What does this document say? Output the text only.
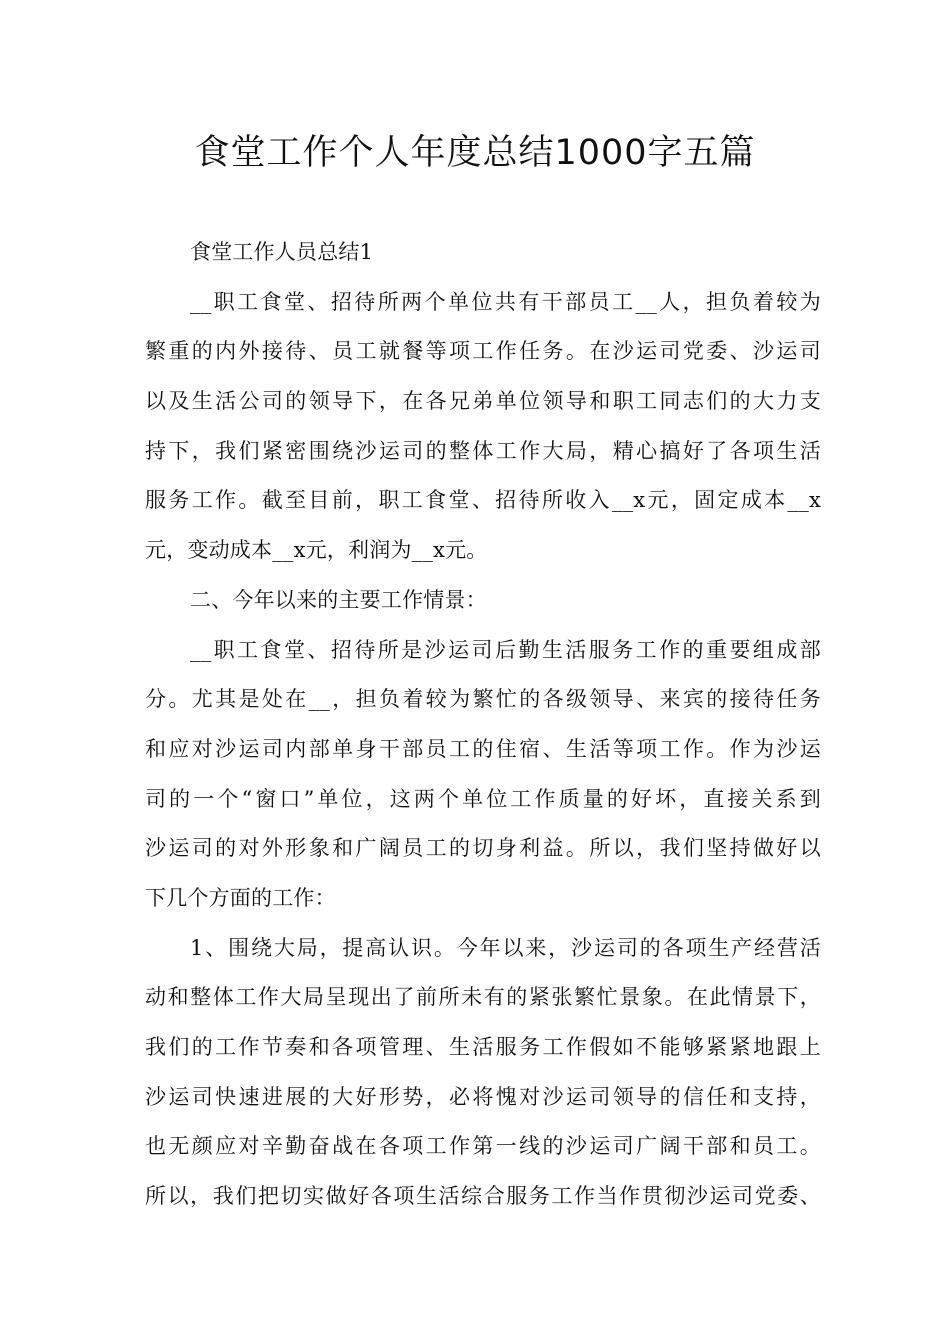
食堂工作个人年度总结1000字五篇
食堂工作人员总结1
__职工食堂、招待所两个单位共有干部员工__人，担负着较为
繁重的内外接待、员工就餐等项工作任务。在沙运司党委、沙运司
以及生活公司的领导下，在各兄弟单位领导和职工同志们的大力支
持下，我们紧密围绕沙运司的整体工作大局，精心搞好了各项生活
服务工作。截至目前，职工食堂、招待所收入__x元，固定成本__x
元，变动成本__x元，利润为__x元。
二、今年以来的主要工作情景：
__职工食堂、招待所是沙运司后勤生活服务工作的重要组成部
分。尤其是处在__，担负着较为繁忙的各级领导、来宾的接待任务
和应对沙运司内部单身干部员工的住宿、生活等项工作。作为沙运
司的一个“窗口”单位，这两个单位工作质量的好坏，直接关系到
沙运司的对外形象和广阔员工的切身利益。所以，我们坚持做好以
下几个方面的工作：
1、围绕大局，提高认识。今年以来，沙运司的各项生产经营活
动和整体工作大局呈现出了前所未有的紧张繁忙景象。在此情景下，
我们的工作节奏和各项管理、生活服务工作假如不能够紧紧地跟上
沙运司快速进展的大好形势，必将愧对沙运司领导的信任和支持，
也无颜应对辛勤奋战在各项工作第一线的沙运司广阔干部和员工。
所以，我们把切实做好各项生活综合服务工作当作贯彻沙运司党委、
